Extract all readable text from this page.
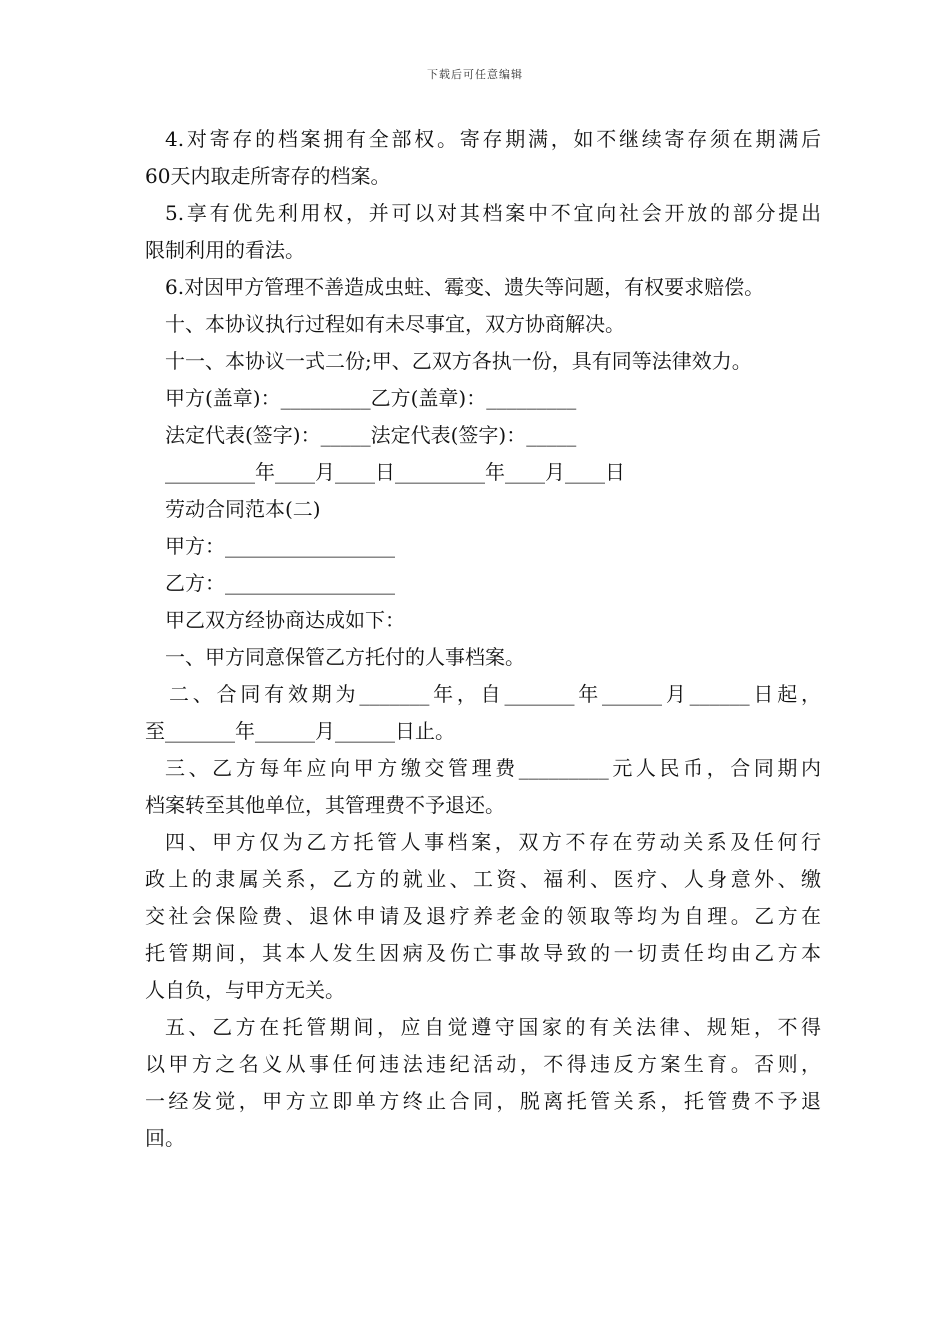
下载后可任意编辑
4.对寄存的档案拥有全部权。寄存期满，如不继续寄存须在期满后
60天内取走所寄存的档案。
5.享有优先利用权，并可以对其档案中不宜向社会开放的部分提出
限制利用的看法。
6.对因甲方管理不善造成虫蛀、霉变、遗失等问题，有权要求赔偿。
十、本协议执行过程如有未尽事宜，双方协商解决。
十一、本协议一式二份;甲、乙双方各执一份，具有同等法律效力。
甲方(盖章)：_________乙方(盖章)：_________
法定代表(签字)：_____法定代表(签字)：_____
_________年____月____日_________年____月____日
劳动合同范本(二)
甲方：_________________
乙方：_________________
甲乙双方经协商达成如下：
一、甲方同意保管乙方托付的人事档案。
二、合同有效期为_______年，自_______年______月______日起，
至_______年______月______日止。
三、乙方每年应向甲方缴交管理费_________元人民币，合同期内
档案转至其他单位，其管理费不予退还。
四、甲方仅为乙方托管人事档案，双方不存在劳动关系及任何行
政上的隶属关系，乙方的就业、工资、福利、医疗、人身意外、缴
交社会保险费、退休申请及退疗养老金的领取等均为自理。乙方在
托管期间，其本人发生因病及伤亡事故导致的一切责任均由乙方本
人自负，与甲方无关。
五、乙方在托管期间，应自觉遵守国家的有关法律、规矩，不得
以甲方之名义从事任何违法违纪活动，不得违反方案生育。否则，
一经发觉，甲方立即单方终止合同，脱离托管关系，托管费不予退
回。
